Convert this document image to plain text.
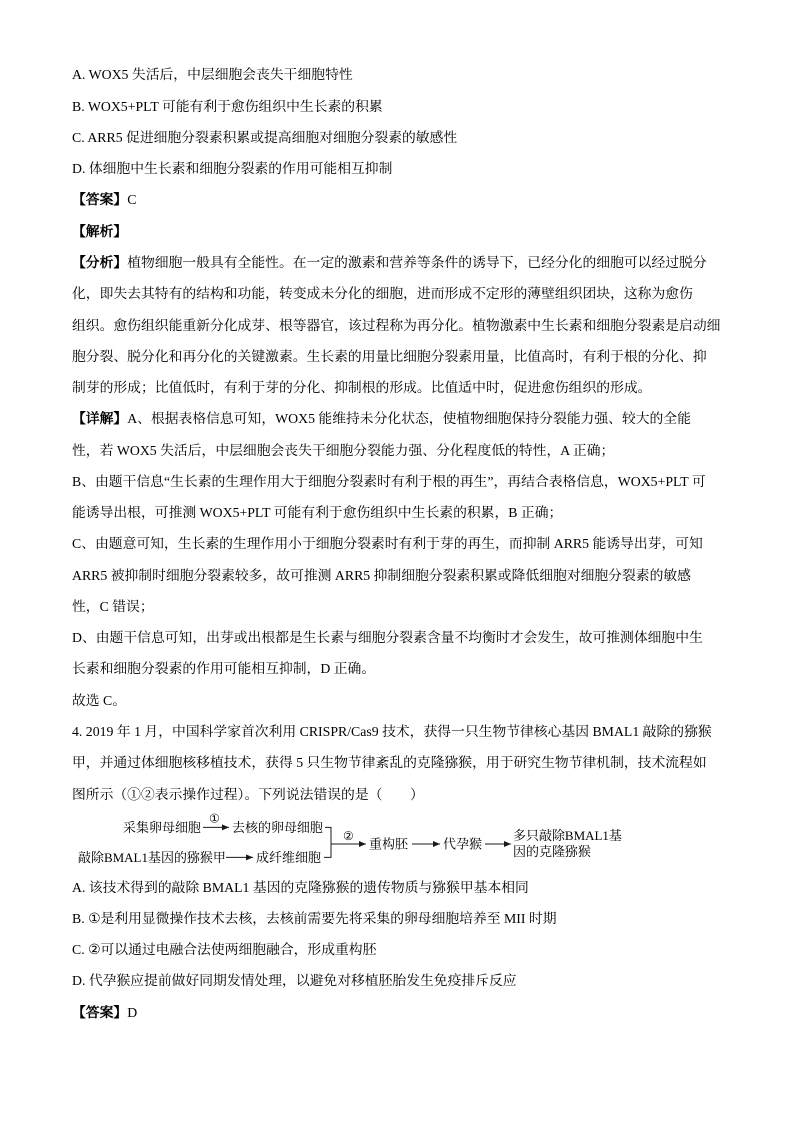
A. WOX5 失活后，中层细胞会丧失干细胞特性
B. WOX5+PLT 可能有利于愈伤组织中生长素的积累
C. ARR5 促进细胞分裂素积累或提高细胞对细胞分裂素的敏感性
D. 体细胞中生长素和细胞分裂素的作用可能相互抑制
【答案】C
【解析】
【分析】植物细胞一般具有全能性。在一定的激素和营养等条件的诱导下，已经分化的细胞可以经过脱分
化，即失去其特有的结构和功能，转变成未分化的细胞，进而形成不定形的薄壁组织团块，这称为愈伤
组织。愈伤组织能重新分化成芽、根等器官，该过程称为再分化。植物激素中生长素和细胞分裂素是启动细
胞分裂、脱分化和再分化的关键激素。生长素的用量比细胞分裂素用量，比值高时，有利于根的分化、抑
制芽的形成；比值低时，有利于芽的分化、抑制根的形成。比值适中时，促进愈伤组织的形成。
【详解】A、根据表格信息可知，WOX5 能维持未分化状态，使植物细胞保持分裂能力强、较大的全能
性，若 WOX5 失活后，中层细胞会丧失干细胞分裂能力强、分化程度低的特性，A 正确；
B、由题干信息“生长素的生理作用大于细胞分裂素时有利于根的再生”，再结合表格信息，WOX5+PLT 可
能诱导出根，可推测 WOX5+PLT 可能有利于愈伤组织中生长素的积累，B 正确；
C、由题意可知，生长素的生理作用小于细胞分裂素时有利于芽的再生，而抑制 ARR5 能诱导出芽，可知
ARR5 被抑制时细胞分裂素较多，故可推测 ARR5 抑制细胞分裂素积累或降低细胞对细胞分裂素的敏感
性，C 错误；
D、由题干信息可知，出芽或出根都是生长素与细胞分裂素含量不均衡时才会发生，故可推测体细胞中生
长素和细胞分裂素的作用可能相互抑制，D 正确。
故选 C。
4. 2019 年 1 月，中国科学家首次利用 CRISPR/Cas9 技术，获得一只生物节律核心基因 BMAL1 敲除的猕猴
甲，并通过体细胞核移植技术，获得 5 只生物节律紊乱的克隆猕猴，用于研究生物节律机制，技术流程如
图所示（①②表示操作过程）。下列说法错误的是（　　）
采集卵母细胞
①
去核的卵母细胞
敲除BMAL1基因的猕猴甲 成纤维细胞
②
重构胚	代孕猴
多只敲除BMAL1基
因的克隆猕猴
A. 该技术得到的敲除 BMAL1 基因的克隆猕猴的遗传物质与猕猴甲基本相同
B. ①是利用显微操作技术去核，去核前需要先将采集的卵母细胞培养至 MII 时期
C. ②可以通过电融合法使两细胞融合，形成重构胚
D. 代孕猴应提前做好同期发情处理，以避免对移植胚胎发生免疫排斥反应
【答案】D
